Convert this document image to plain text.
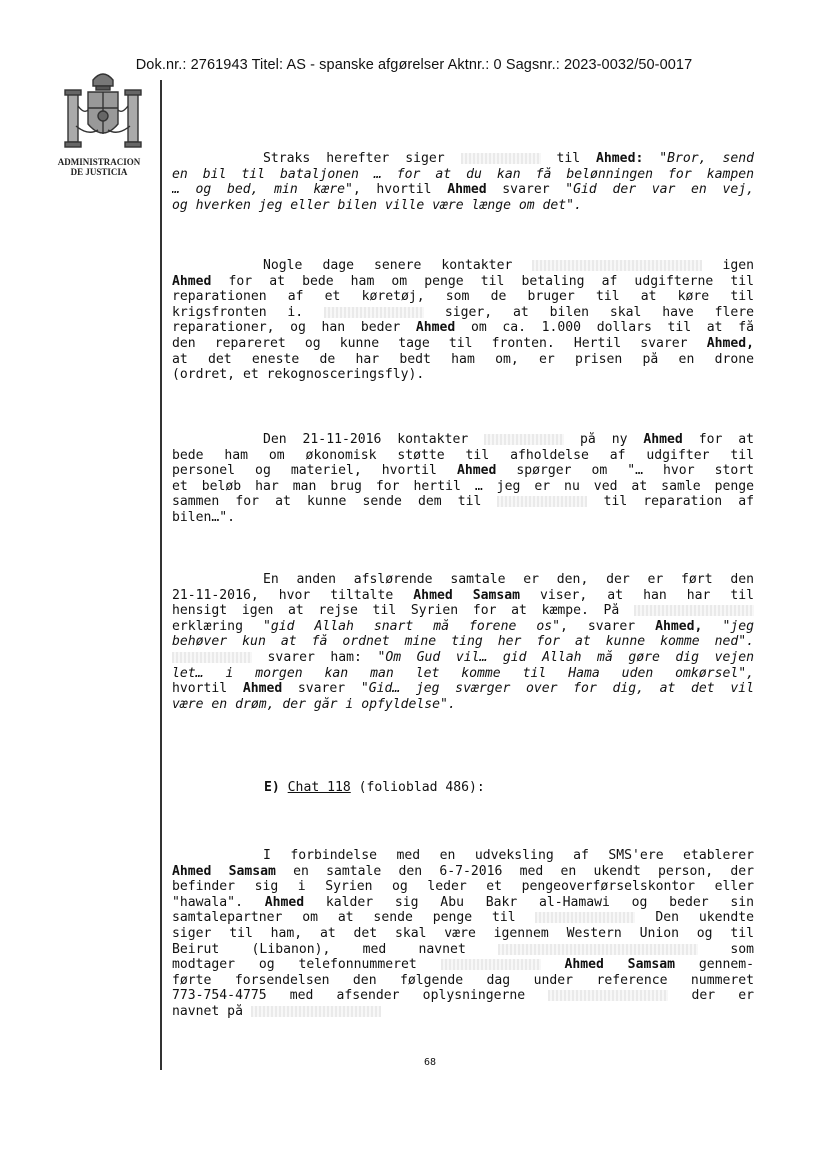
Dok.nr.: 2761943 Titel: AS - spanske afgørelser Aktnr.: 0 Sagsnr.: 2023-0032/50-0017
ADMINISTRACION
DE JUSTICIA
Straks herefter siger	til Ahmed: "Bror, send
en bil til bataljonen … for at du kan få belønningen for kampen
… og bed, min kære", hvortil Ahmed svarer "Gid der var en vej,
og hverken jeg eller bilen ville være længe om det".
Nogle dage senere kontakter	igen
Ahmed for at bede ham om penge til betaling af udgifterne til
reparationen af et køretøj, som de bruger til at køre til
krigsfronten i.	siger, at bilen skal have flere
reparationer, og han beder Ahmed om ca. 1.000 dollars til at få
den repareret og kunne tage til fronten. Hertil svarer Ahmed,
at det eneste de har bedt ham om, er prisen på en drone
(ordret, et rekognosceringsfly).
Den 21-11-2016 kontakter	på ny Ahmed for at
bede ham om økonomisk støtte til afholdelse af udgifter til
personel og materiel, hvortil Ahmed spørger om "… hvor stort
et beløb har man brug for hertil … jeg er nu ved at samle penge
sammen for at kunne sende dem til	til reparation af
bilen…".
En anden afslørende samtale er den, der er ført den
21-11-2016, hvor tiltalte Ahmed Samsam viser, at han har til
hensigt igen at rejse til Syrien for at kæmpe. På
erklæring "gid Allah snart må forene os", svarer Ahmed, "jeg
behøver kun at få ordnet mine ting her for at kunne komme ned".
svarer ham: "Om Gud vil… gid Allah må gøre dig vejen
let… i morgen kan man let komme til Hama uden omkørsel",
hvortil Ahmed svarer "Gid… jeg sværger over for dig, at det vil
være en drøm, der går i opfyldelse".
E) Chat 118 (folioblad 486):
I forbindelse med en udveksling af SMS'ere etablerer
Ahmed Samsam en samtale den 6-7-2016 med en ukendt person, der
befinder sig i Syrien og leder et pengeoverførselskontor eller
"hawala". Ahmed kalder sig Abu Bakr al-Hamawi og beder sin
samtalepartner om at sende penge til	Den ukendte
siger til ham, at det skal være igennem Western Union og til
Beirut (Libanon), med navnet	som
modtager og telefonnummeret	Ahmed Samsam gennem-
førte forsendelsen den følgende dag under reference nummeret
773-754-4775 med afsender oplysningerne	der er
navnet på
68
